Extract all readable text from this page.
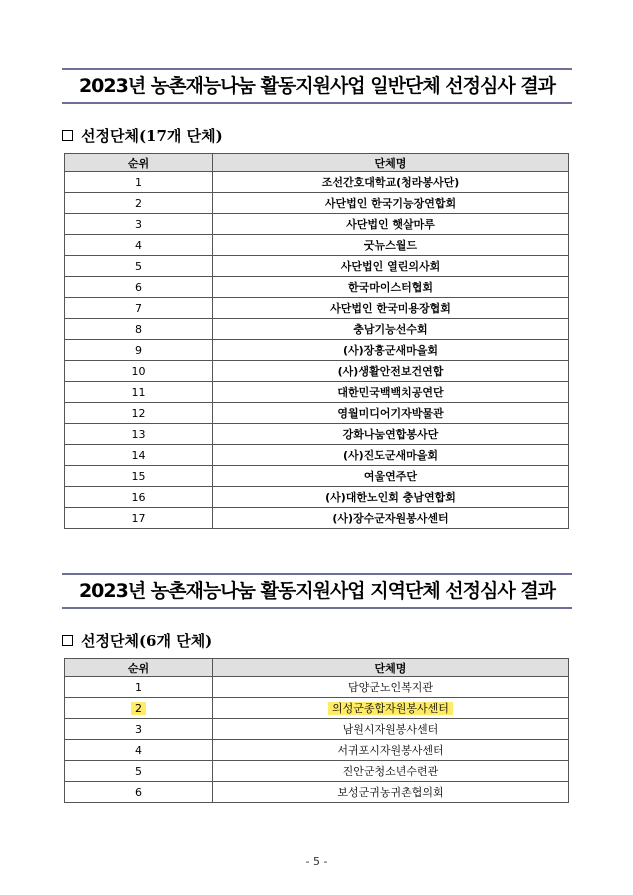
2023년 농촌재능나눔 활동지원사업 일반단체 선정심사 결과
선정단체(17개 단체)
순위	단체명
1	조선간호대학교(청라봉사단)
2	사단법인 한국기능장연합회
3	사단법인 햇살마루
4	굿뉴스월드
5	사단법인 열린의사회
6	한국마이스터협회
7	사단법인 한국미용장협회
8	충남기능선수회
9	(사)장흥군새마을회
10	(사)생활안전보건연합
11	대한민국백백치공연단
12	영월미디어기자박물관
13	강화나눔연합봉사단
14	(사)진도군새마을회
15	여울연주단
16	(사)대한노인회 충남연합회
17	(사)장수군자원봉사센터
2023년 농촌재능나눔 활동지원사업 지역단체 선정심사 결과
선정단체(6개 단체)
순위	단체명
1	담양군노인복지관
2	의성군종합자원봉사센터
3	남원시자원봉사센터
4	서귀포시자원봉사센터
5	진안군청소년수련관
6	보성군귀농귀촌협의회
- 5 -
